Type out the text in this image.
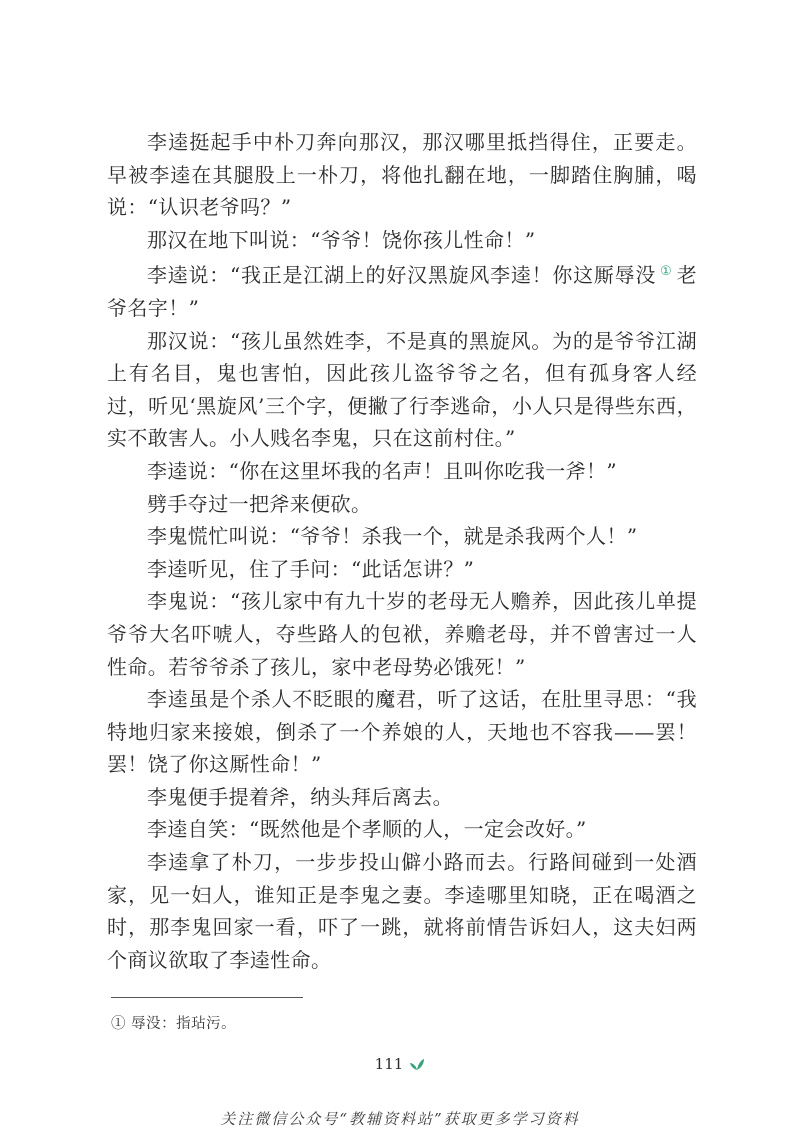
李逵挺起手中朴刀奔向那汉，那汉哪里抵挡得住，正要走。早被李逵在其腿股上一朴刀，将他扎翻在地，一脚踏住胸脯，喝说：“认识老爷吗？”

那汉在地下叫说：“爷爷！饶你孩儿性命！”

李逵说：“我正是江湖上的好汉黑旋风李逵！你这厮辱没 ① 老爷名字！”

那汉说：“孩儿虽然姓李，不是真的黑旋风。为的是爷爷江湖上有名目，鬼也害怕，因此孩儿盗爷爷之名，但有孤身客人经过，听见‘黑旋风’三个字，便撇了行李逃命，小人只是得些东西，实不敢害人。小人贱名李鬼，只在这前村住。”

李逵说：“你在这里坏我的名声！且叫你吃我一斧！”

劈手夺过一把斧来便砍。

李鬼慌忙叫说：“爷爷！杀我一个，就是杀我两个人！”

李逵听见，住了手问：“此话怎讲？”

李鬼说：“孩儿家中有九十岁的老母无人赡养，因此孩儿单提爷爷大名吓唬人，夺些路人的包袱，养赡老母，并不曾害过一人性命。若爷爷杀了孩儿，家中老母势必饿死！”

李逵虽是个杀人不眨眼的魔君，听了这话，在肚里寻思：“我特地归家来接娘，倒杀了一个养娘的人，天地也不容我——罢！罢！饶了你这厮性命！”

李鬼便手提着斧，纳头拜后离去。

李逵自笑：“既然他是个孝顺的人，一定会改好。”

李逵拿了朴刀，一步步投山僻小路而去。行路间碰到一处酒家，见一妇人，谁知正是李鬼之妻。李逵哪里知晓，正在喝酒之时，那李鬼回家一看，吓了一跳，就将前情告诉妇人，这夫妇两个商议欲取了李逵性命。

① 辱没：指玷污。
111
关注微信公众号“教辅资料站”获取更多学习资料
